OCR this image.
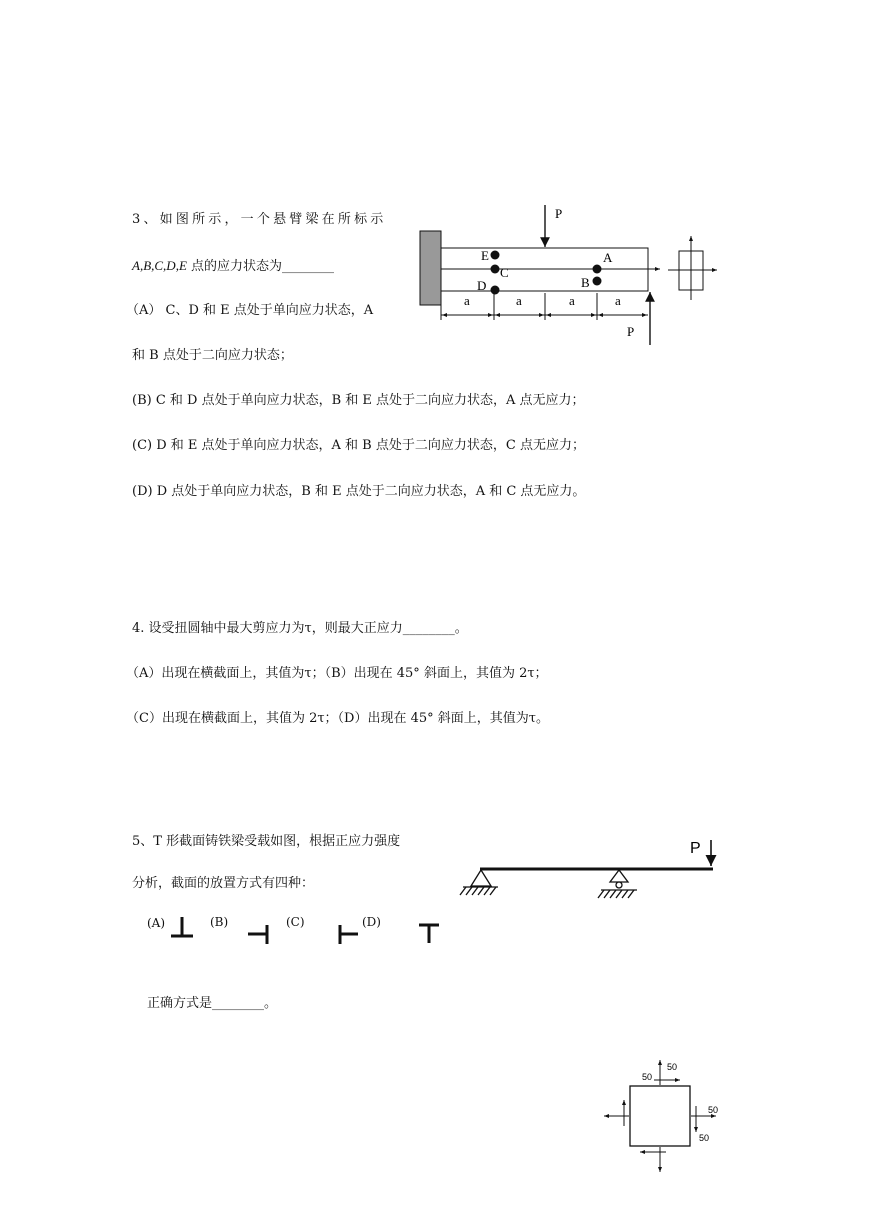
3、如图所示，一个悬臂梁在所标示
A,B,C,D,E 点的应力状态为________
（A） C、D 和 E 点处于单向应力状态，A
和 B 点处于二向应力状态；
(B) C 和 D 点处于单向应力状态，B 和 E 点处于二向应力状态，A 点无应力；
(C) D 和 E 点处于单向应力状态，A 和 B 点处于二向应力状态，C 点无应力；
(D) D 点处于单向应力状态，B 和 E 点处于二向应力状态，A 和 C 点无应力。
P
P
E
C
D
A
B
a	a	a	a
4. 设受扭圆轴中最大剪应力为τ，则最大正应力________。
（A）出现在横截面上，其值为τ；（B）出现在 45° 斜面上，其值为 2τ；
（C）出现在横截面上，其值为 2τ；（D）出现在 45° 斜面上，其值为τ。
5、T 形截面铸铁梁受载如图，根据正应力强度
分析，截面的放置方式有四种：
(A)	(B)	(C)	(D)
正确方式是________。
P
50
50
50
50
